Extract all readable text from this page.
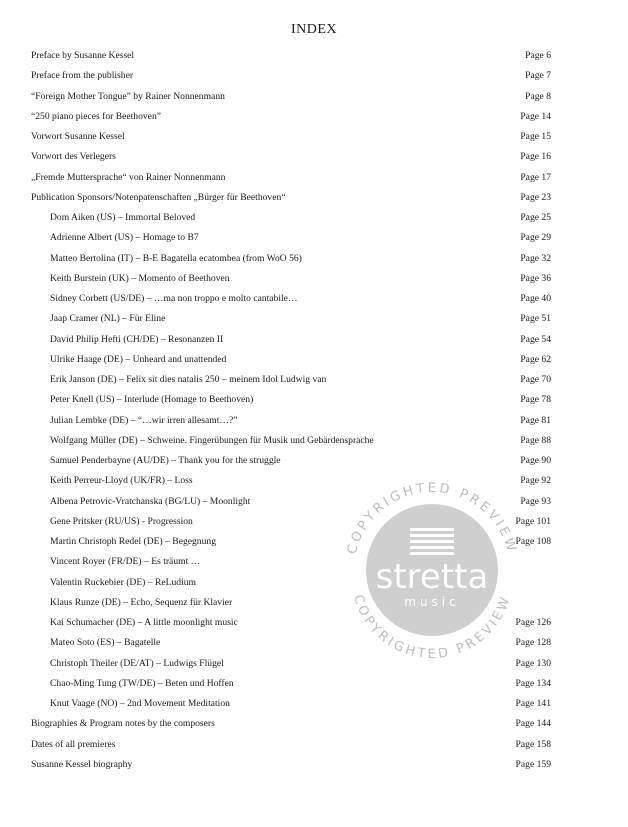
INDEX
Preface by Susanne Kessel	Page 6
Preface from the publisher	Page 7
“Foreign Mother Tongue” by Rainer Nonnenmann	Page 8
“250 piano pieces for Beethoven”	Page 14
Vorwort Susanne Kessel	Page 15
Vorwort des Verlegers	Page 16
„Fremde Muttersprache“ von Rainer Nonnenmann	Page 17
Publication Sponsors/Notenpatenschaften „Bürger für Beethoven“	Page 23
Dom Aiken (US) – Immortal Beloved	Page 25
Adrienne Albert (US) – Homage to B7	Page 29
Matteo Bertolina (IT) – B-E Bagatella ecatombea (from WoO 56)	Page 32
Keith Burstein (UK) – Momento of Beethoven	Page 36
Sidney Corbett (US/DE) – …ma non troppo e molto cantabile…	Page 40
Jaap Cramer (NL) – Für Eline	Page 51
David Philip Hefti (CH/DE) – Resonanzen II	Page 54
Ulrike Haage (DE) – Unheard and unattended	Page 62
Erik Janson (DE) – Felix sit dies natalis 250 – meinem Idol Ludwig van	Page 70
Peter Knell (US) – Interlude (Homage to Beethoven)	Page 78
Julian Lembke (DE) – “…wir irren allesamt…?”	Page 81
Wolfgang Müller (DE) – Schweine. Fingerübungen für Musik und Gebärdensprache	Page 88
Samuel Penderbayne (AU/DE) – Thank you for the struggle	Page 90
Keith Perreur-Lloyd (UK/FR) – Loss	Page 92
Albena Petrovic-Vratchanska (BG/LU) – Moonlight	Page 93
Gene Pritsker (RU/US) - Progression	Page 101
Martin Christoph Redel (DE) – Begegnung	Page 108
Vincent Royer (FR/DE) – Es träumt …
Valentin Ruckebier (DE) – ReLudium
Klaus Runze (DE) – Echo, Sequenz für Klavier
Kai Schumacher (DE) – A little moonlight music	Page 126
Mateo Soto (ES) – Bagatelle	Page 128
Christoph Theiler (DE/AT) – Ludwigs Flügel	Page 130
Chao-Ming Tung (TW/DE) – Beten und Hoffen	Page 134
Knut Vaage (NO) – 2nd Movement Meditation	Page 141
Biographies & Program notes by the composers	Page 144
Dates of all premieres	Page 158
Susanne Kessel biography	Page 159
stretta
music
COPYRIGHTED PREVIEW
COPYRIGHTED PREVIEW
